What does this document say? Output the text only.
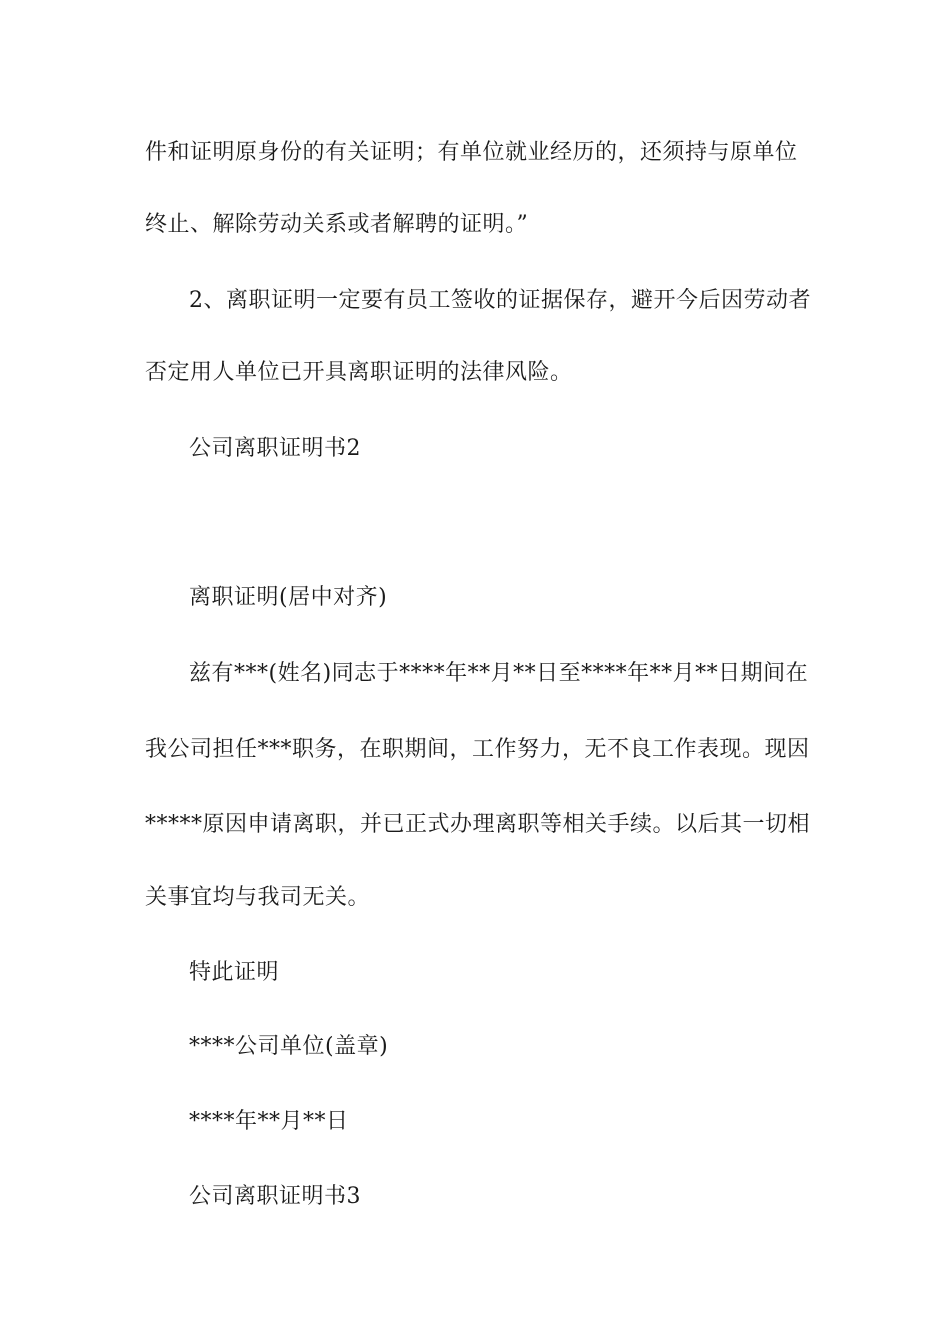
件和证明原身份的有关证明；有单位就业经历的，还须持与原单位
终止、解除劳动关系或者解聘的证明。”
2、离职证明一定要有员工签收的证据保存，避开今后因劳动者
否定用人单位已开具离职证明的法律风险。
公司离职证明书2
离职证明(居中对齐)
兹有***(姓名)同志于****年**月**日至****年**月**日期间在
我公司担任***职务，在职期间，工作努力，无不良工作表现。现因
*****原因申请离职，并已正式办理离职等相关手续。以后其一切相
关事宜均与我司无关。
特此证明
****公司单位(盖章)
****年**月**日
公司离职证明书3
